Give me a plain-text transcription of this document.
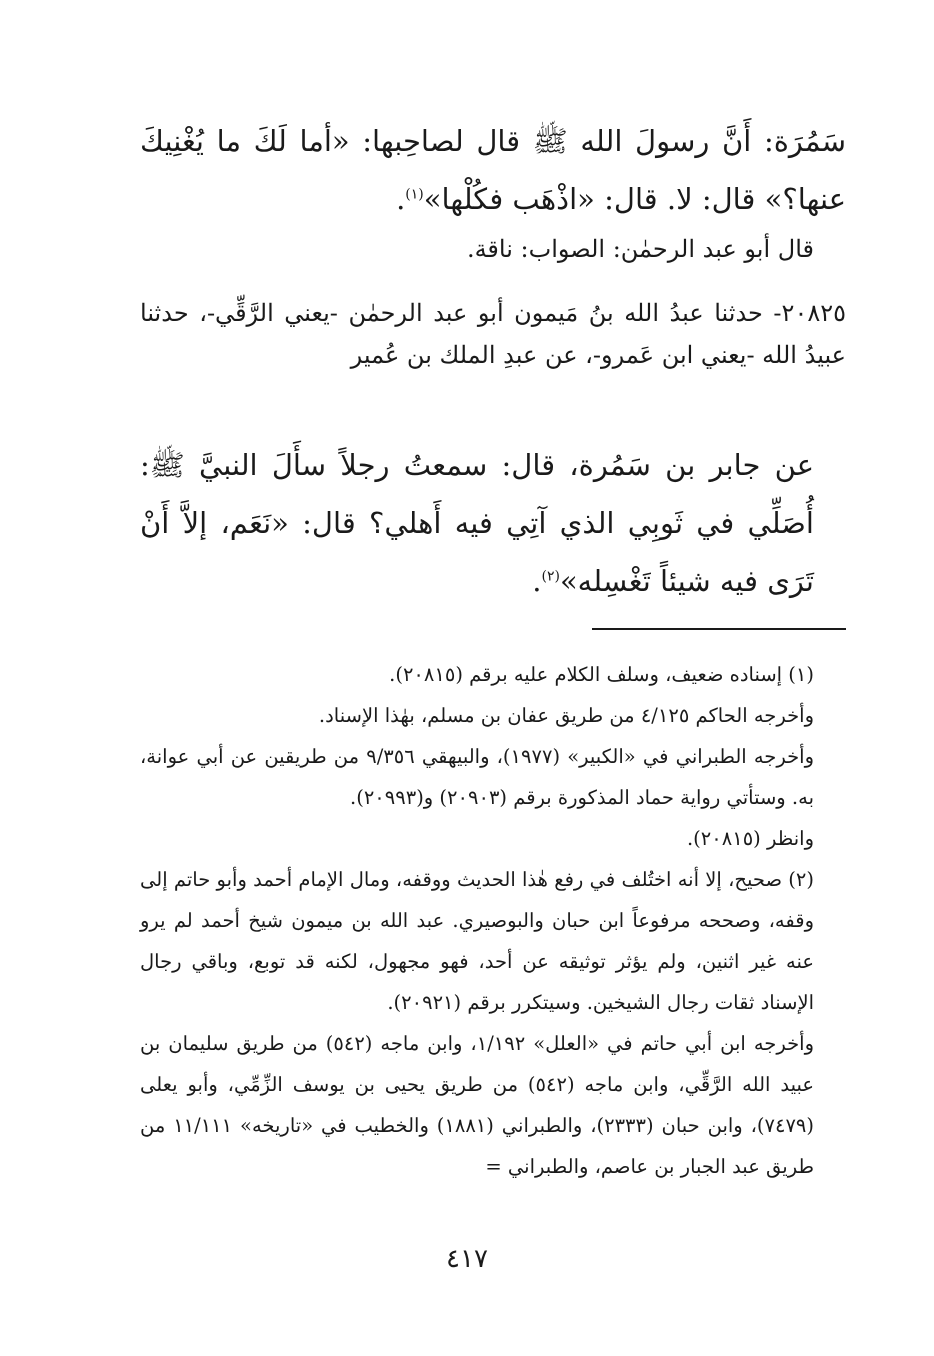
سَمُرَة: أَنَّ رسولَ الله ﷺ قال لصاحِبها: «أما لَكَ ما يُغْنِيكَ عنها؟» قال: لا. قال: «اذْهَب فكُلْها»$^{(١)}$.

قال أبو عبد الرحمٰن: الصواب: ناقة.

٢٠٨٢٥- حدثنا عبدُ الله بنُ مَيمون أبو عبد الرحمٰن -يعني الرَّقِّي-، حدثنا عبيدُ الله -يعني ابن عَمرو-، عن عبدِ الملك بن عُمير

عن جابر بن سَمُرة، قال: سمعتُ رجلاً سأَلَ النبيَّ ﷺ: أُصَلِّي في ثَوبِي الذي آتِي فيه أَهلي؟ قال: «نَعَم، إلاَّ أَنْ تَرَى فيه شيئاً تَغْسِله»$^{(٢)}$.

(١) إسناده ضعيف، وسلف الكلام عليه برقم (٢٠٨١٥).

وأخرجه الحاكم ٤/١٢٥ من طريق عفان بن مسلم، بهٰذا الإسناد.

وأخرجه الطبراني في «الكبير» (١٩٧٧)، والبيهقي ٩/٣٥٦ من طريقين عن أبي عوانة، به. وستأتي رواية حماد المذكورة برقم (٢٠٩٠٣) و(٢٠٩٩٣).

وانظر (٢٠٨١٥).

(٢) صحيح، إلا أنه اختُلف في رفع هٰذا الحديث ووقفه، ومال الإمام أحمد وأبو حاتم إلى وقفه، وصححه مرفوعاً ابن حبان والبوصيري. عبد الله بن ميمون شيخ أحمد لم يرو عنه غير اثنين، ولم يؤثر توثيقه عن أحد، فهو مجهول، لكنه قد توبع، وباقي رجال الإسناد ثقات رجال الشيخين. وسيتكرر برقم (٢٠٩٢١).

وأخرجه ابن أبي حاتم في «العلل» ١/١٩٢، وابن ماجه (٥٤٢) من طريق سليمان بن عبيد الله الرَّقِّي، وابن ماجه (٥٤٢) من طريق يحيى بن يوسف الزِّمِّي، وأبو يعلى (٧٤٧٩)، وابن حبان (٢٣٣٣)، والطبراني (١٨٨١) والخطيب في «تاريخه» ١١/١١١ من طريق عبد الجبار بن عاصم، والطبراني =

٤١٧
